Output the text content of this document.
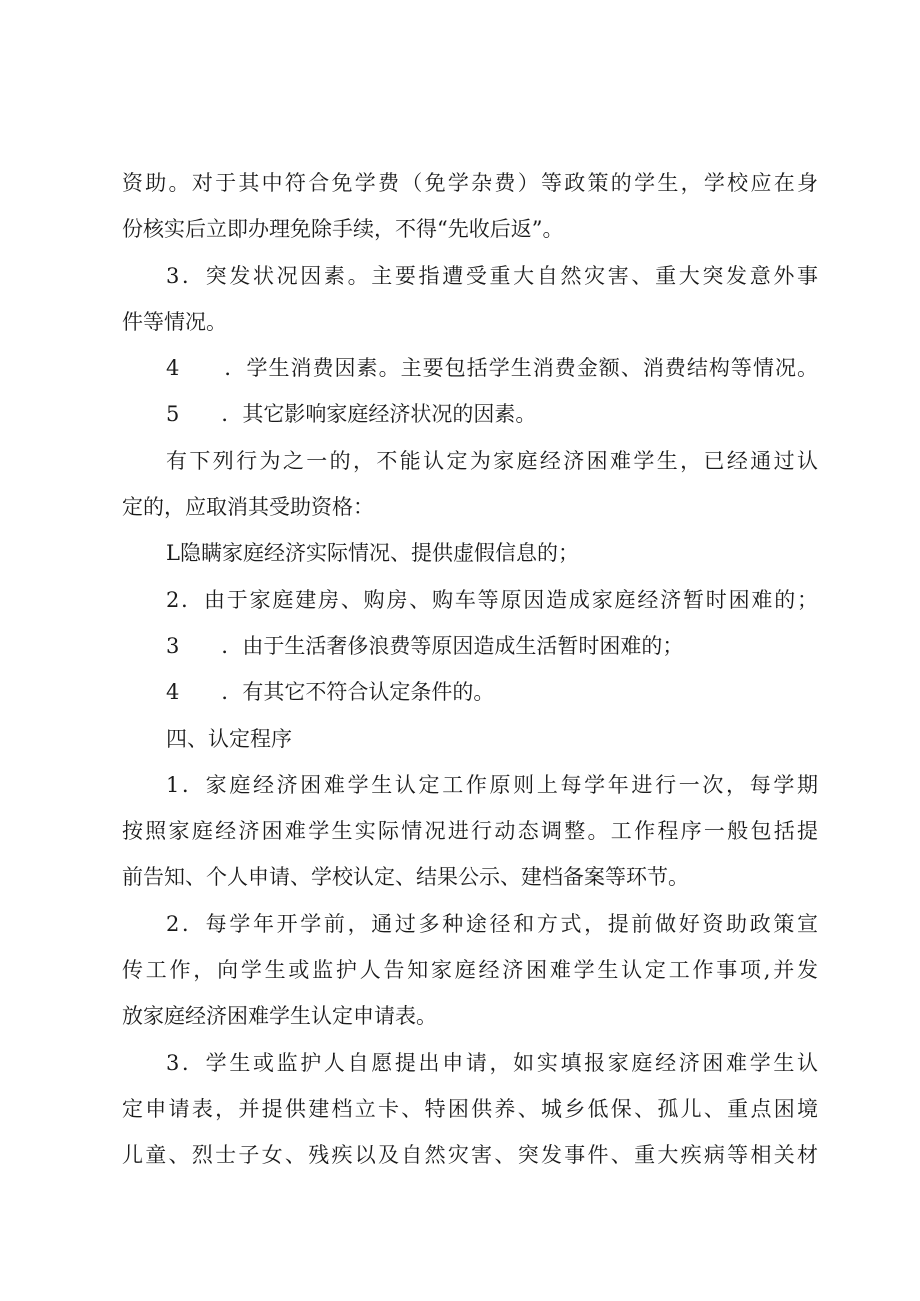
资助。对于其中符合免学费（免学杂费）等政策的学生，学校应在身
份核实后立即办理免除手续，不得“先收后返”。
3．突发状况因素。主要指遭受重大自然灾害、重大突发意外事
件等情况。
4　　．学生消费因素。主要包括学生消费金额、消费结构等情况。
5　　．其它影响家庭经济状况的因素。
有下列行为之一的，不能认定为家庭经济困难学生，已经通过认
定的，应取消其受助资格：
L隐瞒家庭经济实际情况、提供虚假信息的；
2．由于家庭建房、购房、购车等原因造成家庭经济暂时困难的；
3　　．由于生活奢侈浪费等原因造成生活暂时困难的；
4　　．有其它不符合认定条件的。
四、认定程序
1．家庭经济困难学生认定工作原则上每学年进行一次，每学期
按照家庭经济困难学生实际情况进行动态调整。工作程序一般包括提
前告知、个人申请、学校认定、结果公示、建档备案等环节。
2．每学年开学前，通过多种途径和方式，提前做好资助政策宣
传工作，向学生或监护人告知家庭经济困难学生认定工作事项,并发
放家庭经济困难学生认定申请表。
3．学生或监护人自愿提出申请，如实填报家庭经济困难学生认
定申请表，并提供建档立卡、特困供养、城乡低保、孤儿、重点困境
儿童、烈士子女、残疾以及自然灾害、突发事件、重大疾病等相关材
